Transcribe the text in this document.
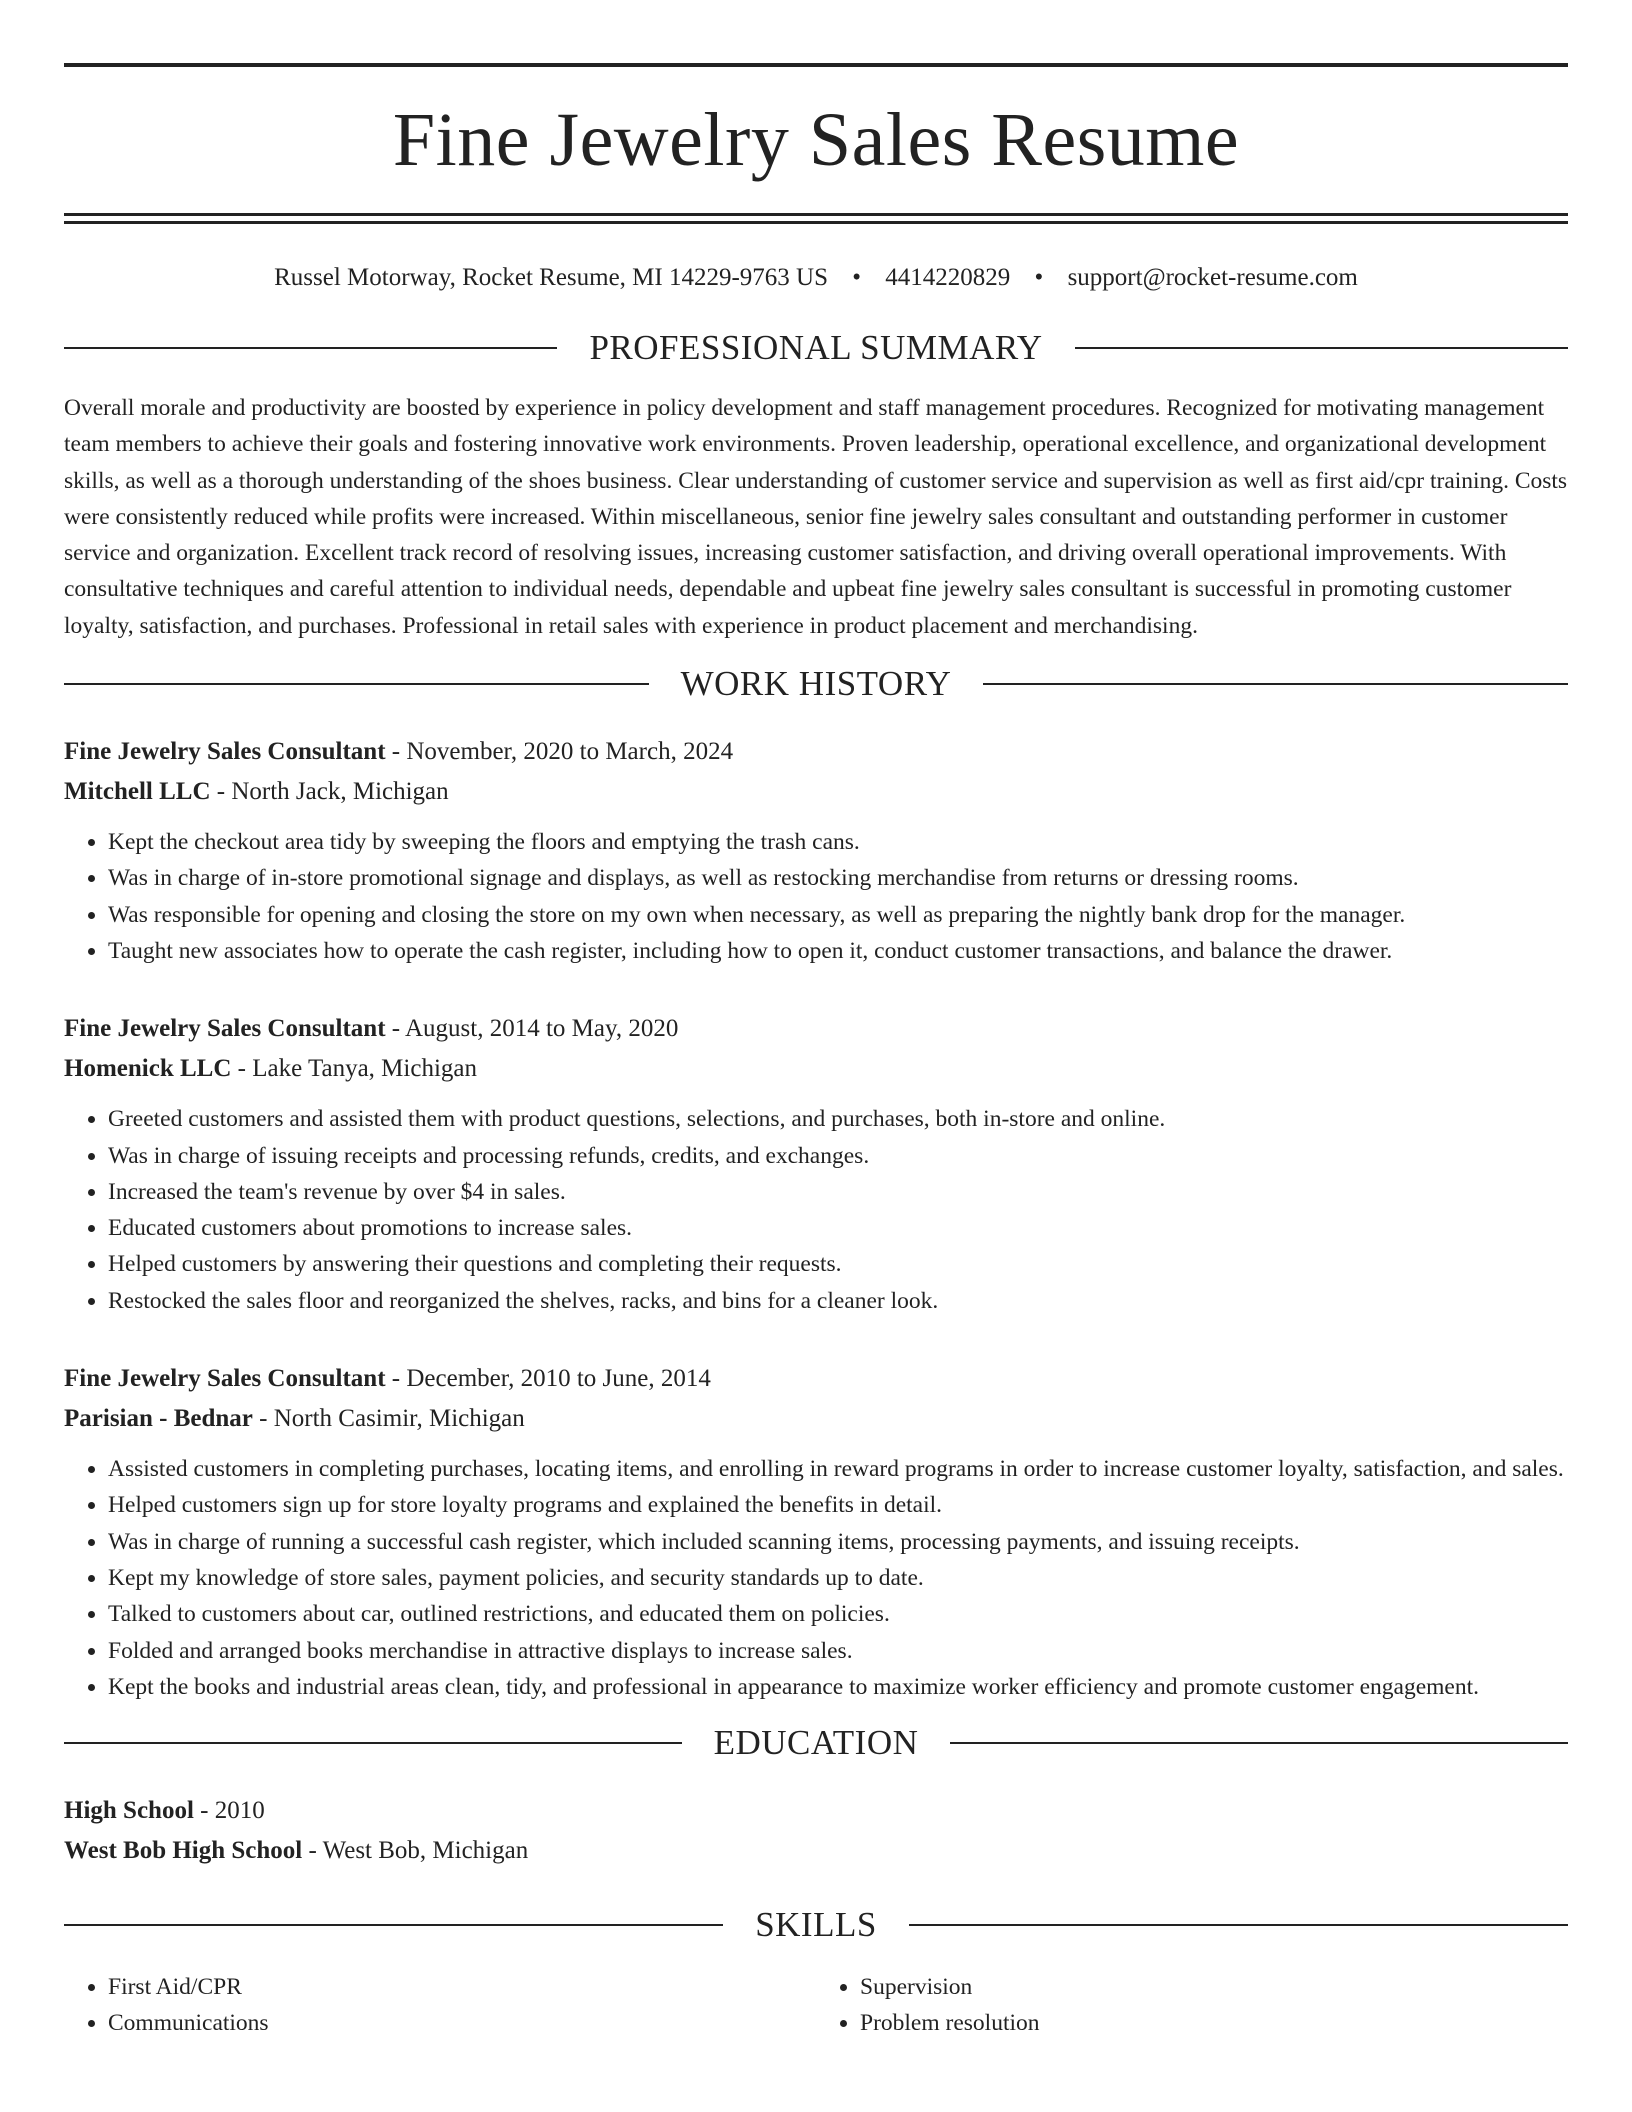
Fine Jewelry Sales Resume
Russel Motorway, Rocket Resume, MI 14229-9763 US • 4414220829 • support@rocket-resume.com
PROFESSIONAL SUMMARY

Overall morale and productivity are boosted by experience in policy development and staff management procedures. Recognized for motivating management team members to achieve their goals and fostering innovative work environments. Proven leadership, operational excellence, and organizational development skills, as well as a thorough understanding of the shoes business. Clear understanding of customer service and supervision as well as first aid/cpr training. Costs were consistently reduced while profits were increased. Within miscellaneous, senior fine jewelry sales consultant and outstanding performer in customer service and organization. Excellent track record of resolving issues, increasing customer satisfaction, and driving overall operational improvements. With consultative techniques and careful attention to individual needs, dependable and upbeat fine jewelry sales consultant is successful in promoting customer loyalty, satisfaction, and purchases. Professional in retail sales with experience in product placement and merchandising.

WORK HISTORY
Fine Jewelry Sales Consultant - November, 2020 to March, 2024
Mitchell LLC - North Jack, Michigan
• Kept the checkout area tidy by sweeping the floors and emptying the trash cans.
• Was in charge of in-store promotional signage and displays, as well as restocking merchandise from returns or dressing rooms.
• Was responsible for opening and closing the store on my own when necessary, as well as preparing the nightly bank drop for the manager.
• Taught new associates how to operate the cash register, including how to open it, conduct customer transactions, and balance the drawer.
Fine Jewelry Sales Consultant - August, 2014 to May, 2020
Homenick LLC - Lake Tanya, Michigan
• Greeted customers and assisted them with product questions, selections, and purchases, both in-store and online.
• Was in charge of issuing receipts and processing refunds, credits, and exchanges.
• Increased the team's revenue by over $4 in sales.
• Educated customers about promotions to increase sales.
• Helped customers by answering their questions and completing their requests.
• Restocked the sales floor and reorganized the shelves, racks, and bins for a cleaner look.
Fine Jewelry Sales Consultant - December, 2010 to June, 2014
Parisian - Bednar - North Casimir, Michigan
• Assisted customers in completing purchases, locating items, and enrolling in reward programs in order to increase customer loyalty, satisfaction, and sales.
• Helped customers sign up for store loyalty programs and explained the benefits in detail.
• Was in charge of running a successful cash register, which included scanning items, processing payments, and issuing receipts.
• Kept my knowledge of store sales, payment policies, and security standards up to date.
• Talked to customers about car, outlined restrictions, and educated them on policies.
• Folded and arranged books merchandise in attractive displays to increase sales.
• Kept the books and industrial areas clean, tidy, and professional in appearance to maximize worker efficiency and promote customer engagement.
EDUCATION
High School - 2010
West Bob High School - West Bob, Michigan
SKILLS
• First Aid/CPR
• Communications
• Supervision
• Problem resolution
